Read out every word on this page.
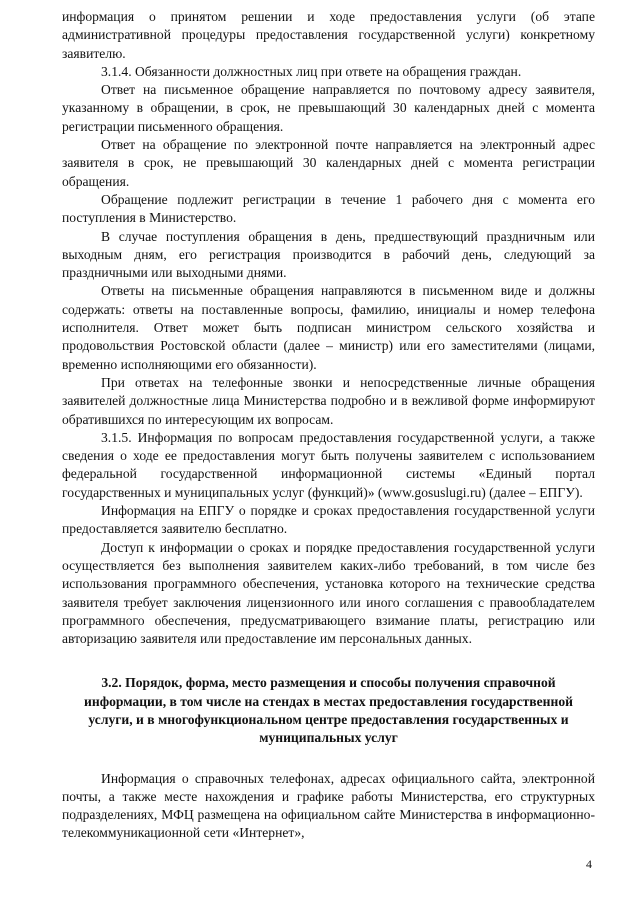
информация о принятом решении и ходе предоставления услуги (об этапе административной процедуры предоставления государственной услуги) конкретному заявителю.

3.1.4. Обязанности должностных лиц при ответе на обращения граждан.

Ответ на письменное обращение направляется по почтовому адресу заявителя, указанному в обращении, в срок, не превышающий 30 календарных дней с момента регистрации письменного обращения.

Ответ на обращение по электронной почте направляется на электронный адрес заявителя в срок, не превышающий 30 календарных дней с момента регистрации обращения.

Обращение подлежит регистрации в течение 1 рабочего дня с момента его поступления в Министерство.

В случае поступления обращения в день, предшествующий праздничным или выходным дням, его регистрация производится в рабочий день, следующий за праздничными или выходными днями.

Ответы на письменные обращения направляются в письменном виде и должны содержать: ответы на поставленные вопросы, фамилию, инициалы и номер телефона исполнителя. Ответ может быть подписан министром сельского хозяйства и продовольствия Ростовской области (далее – министр) или его заместителями (лицами, временно исполняющими его обязанности).

При ответах на телефонные звонки и непосредственные личные обращения заявителей должностные лица Министерства подробно и в вежливой форме информируют обратившихся по интересующим их вопросам.

3.1.5. Информация по вопросам предоставления государственной услуги, а также сведения о ходе ее предоставления могут быть получены заявителем с использованием федеральной государственной информационной системы «Единый портал государственных и муниципальных услуг (функций)» (www.gosuslugi.ru) (далее – ЕПГУ).

Информация на ЕПГУ о порядке и сроках предоставления государственной услуги предоставляется заявителю бесплатно.

Доступ к информации о сроках и порядке предоставления государственной услуги осуществляется без выполнения заявителем каких-либо требований, в том числе без использования программного обеспечения, установка которого на технические средства заявителя требует заключения лицензионного или иного соглашения с правообладателем программного обеспечения, предусматривающего взимание платы, регистрацию или авторизацию заявителя или предоставление им персональных данных.

3.2. Порядок, форма, место размещения и способы получения справочной информации, в том числе на стендах в местах предоставления государственной услуги, и в многофункциональном центре предоставления государственных и муниципальных услуг

Информация о справочных телефонах, адресах официального сайта, электронной почты, а также месте нахождения и графике работы Министерства, его структурных подразделениях, МФЦ размещена на официальном сайте Министерства в информационно-телекоммуникационной сети «Интернет»,

4
